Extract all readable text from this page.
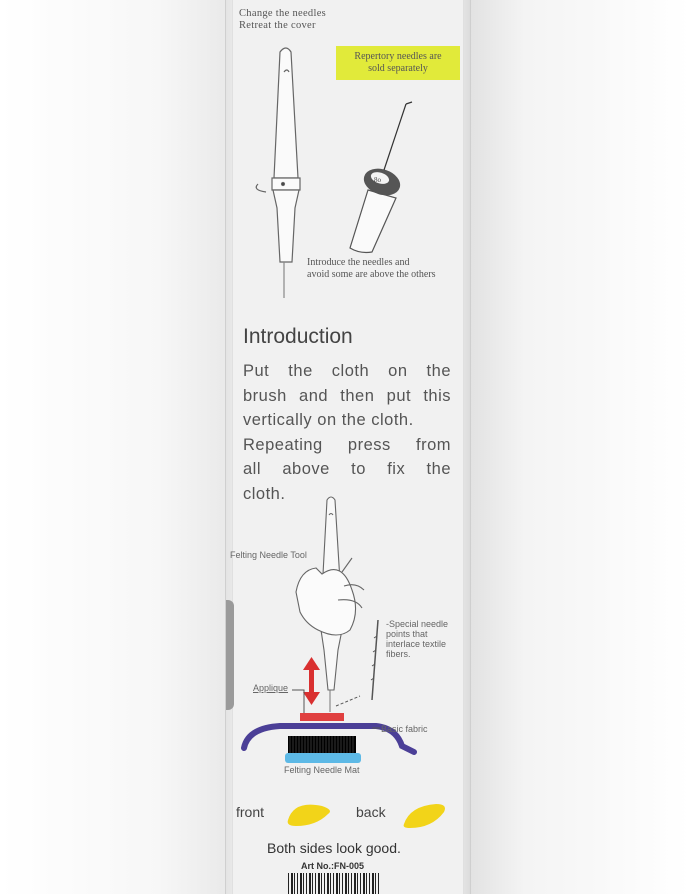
Change the needles
Retreat the cover
Repertory needles are
sold separately
8o
Introduce the needles and
avoid some are above the others
Introduction
Put the cloth on the
brush and then put this
vertically on the cloth.
Repeating press from
all above to fix the
cloth.
Felting Needle Tool
-Special needle
points that
interlace textile
fibers.
Applique
Basic fabric
Felting Needle Mat
front	back
Both sides look good.
Art No.:FN-005
